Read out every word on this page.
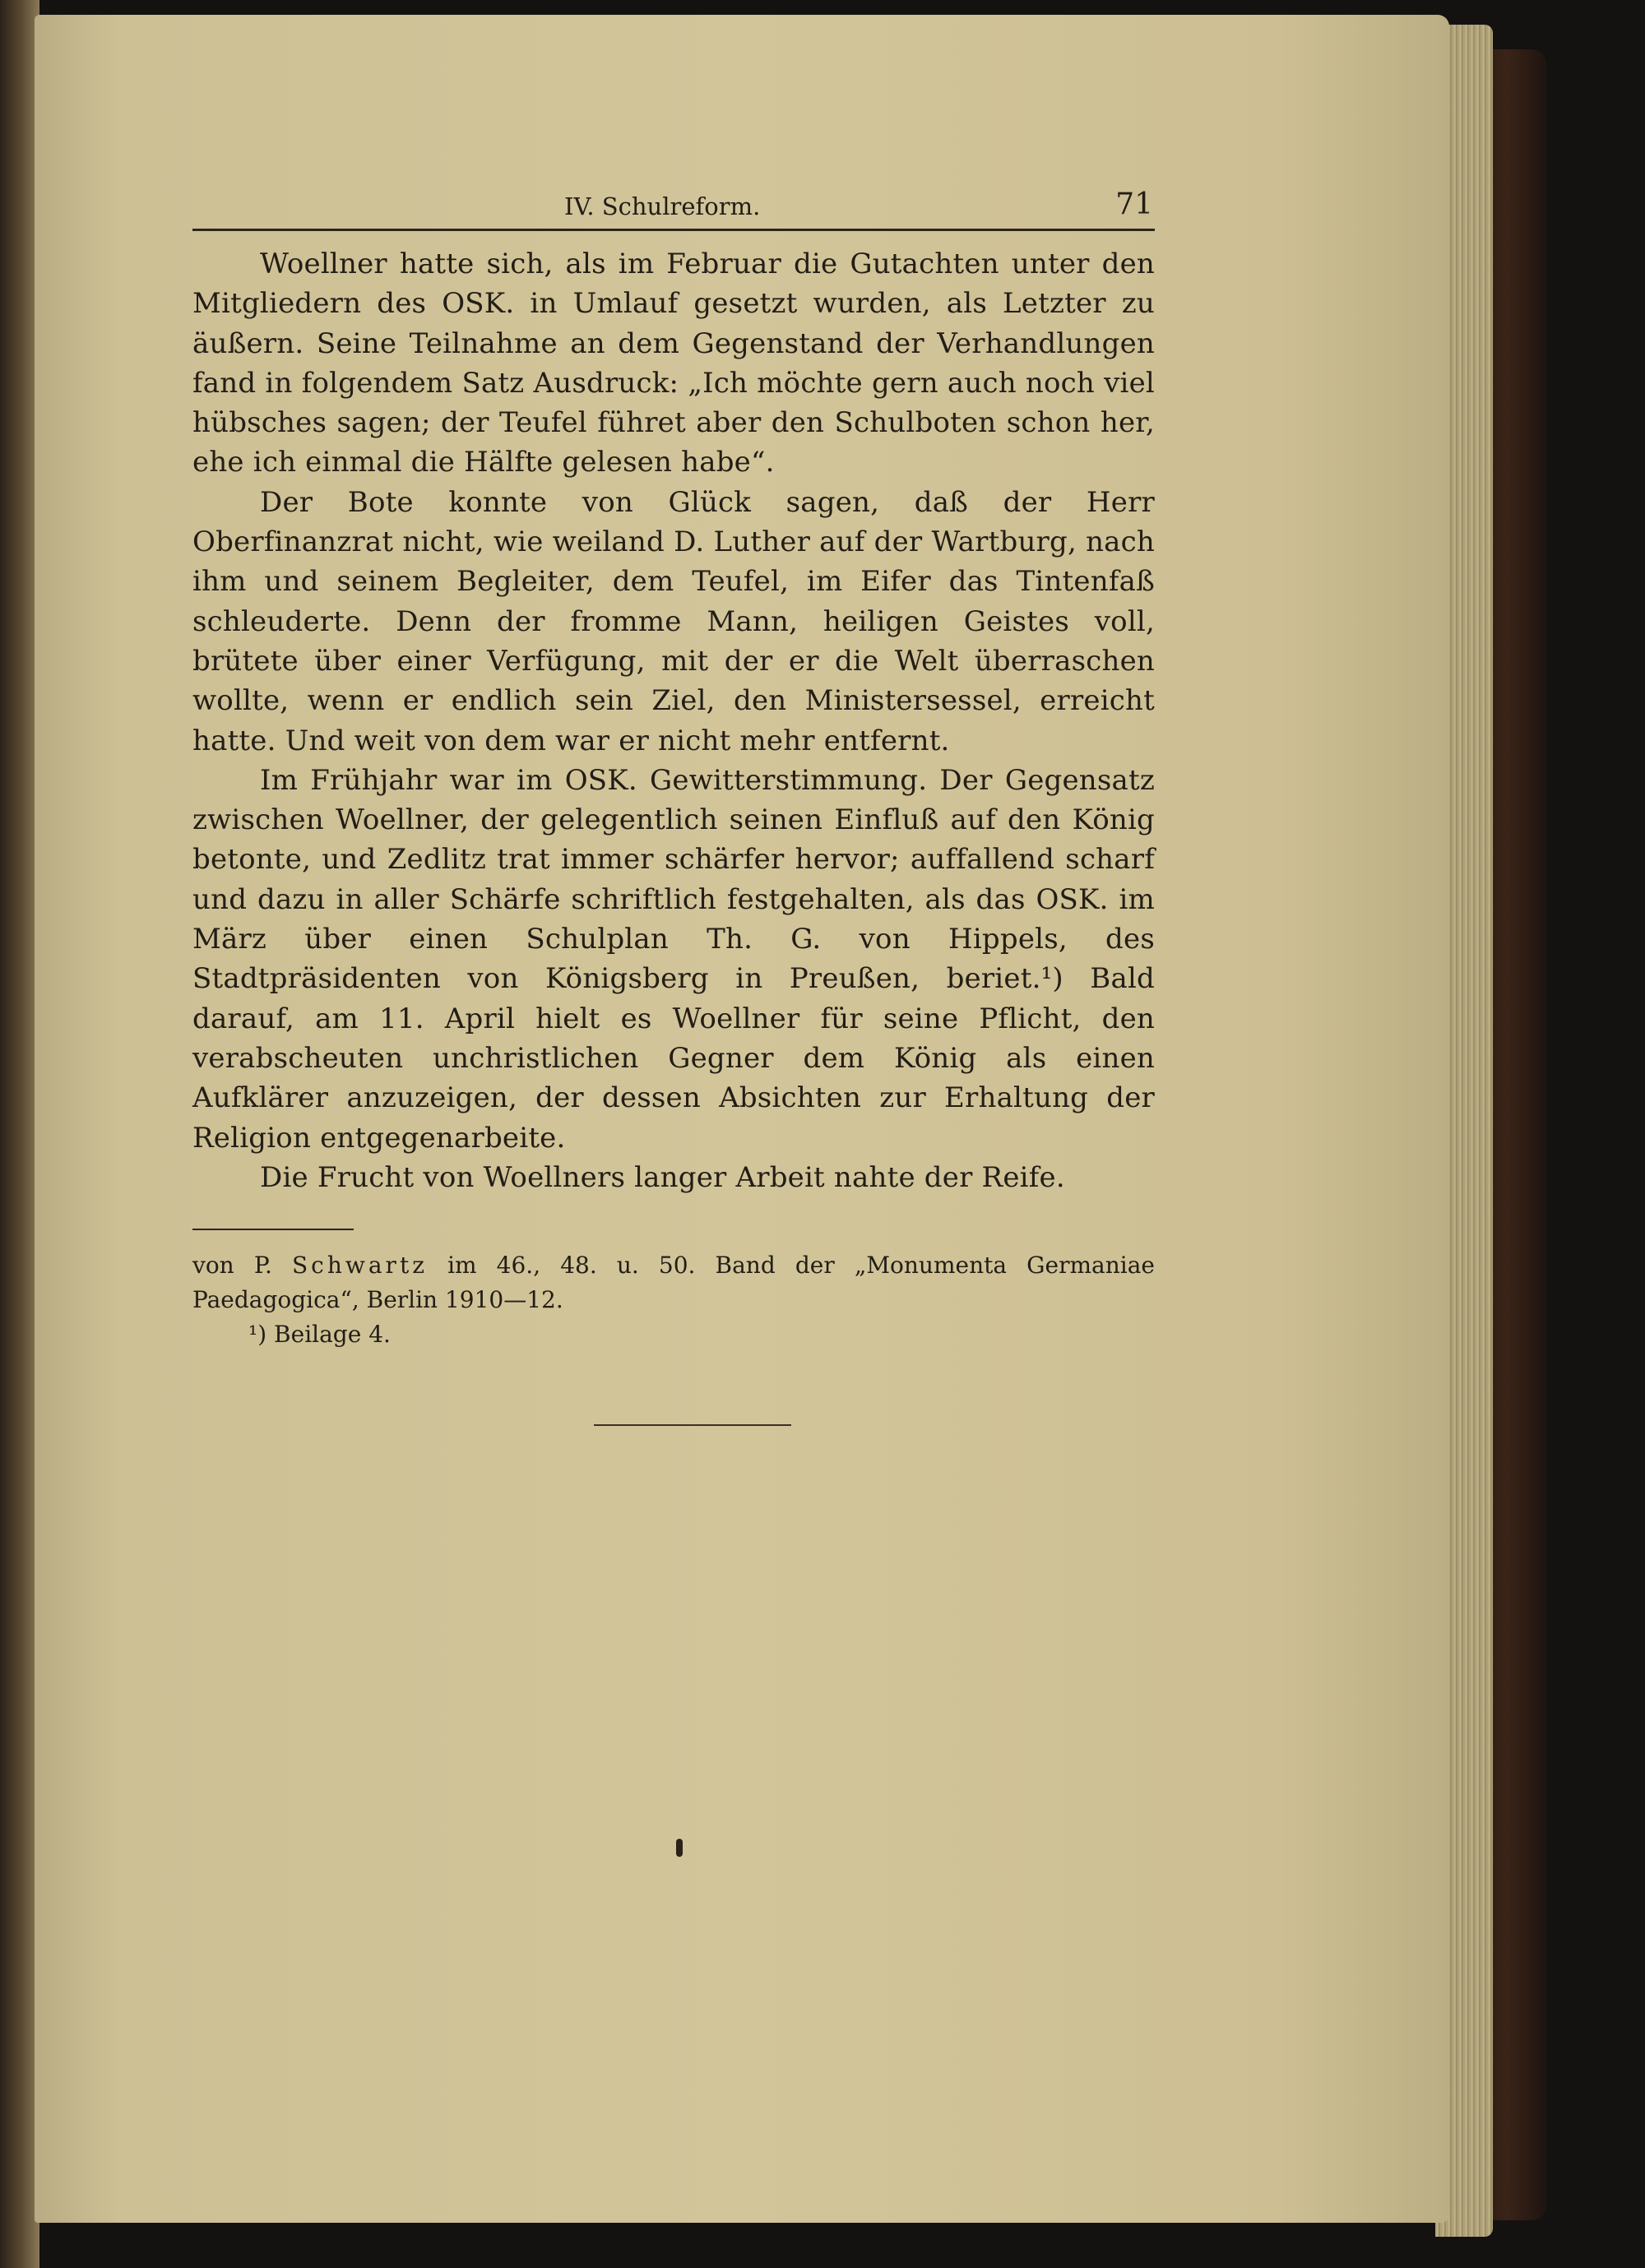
IV. Schulreform.	71

Woellner hatte sich, als im Februar die Gutachten unter den Mitgliedern des OSK. in Umlauf gesetzt wurden, als Letzter zu äußern. Seine Teilnahme an dem Gegenstand der Verhandlungen fand in folgendem Satz Ausdruck: „Ich möchte gern auch noch viel hübsches sagen; der Teufel führet aber den Schulboten schon her, ehe ich einmal die Hälfte gelesen habe“.

Der Bote konnte von Glück sagen, daß der Herr Oberfinanzrat nicht, wie weiland D. Luther auf der Wartburg, nach ihm und seinem Begleiter, dem Teufel, im Eifer das Tintenfaß schleuderte. Denn der fromme Mann, heiligen Geistes voll, brütete über einer Verfügung, mit der er die Welt überraschen wollte, wenn er endlich sein Ziel, den Ministersessel, erreicht hatte. Und weit von dem war er nicht mehr entfernt.

Im Frühjahr war im OSK. Gewitterstimmung. Der Gegensatz zwischen Woellner, der gelegentlich seinen Einfluß auf den König betonte, und Zedlitz trat immer schärfer hervor; auffallend scharf und dazu in aller Schärfe schriftlich festgehalten, als das OSK. im März über einen Schulplan Th. G. von Hippels, des Stadtpräsidenten von Königsberg in Preußen, beriet.¹) Bald darauf, am 11. April hielt es Woellner für seine Pflicht, den verabscheuten unchristlichen Gegner dem König als einen Aufklärer anzuzeigen, der dessen Absichten zur Erhaltung der Religion entgegenarbeite.

Die Frucht von Woellners langer Arbeit nahte der Reife.

von P. Schwartz im 46., 48. u. 50. Band der „Monumenta Germaniae Paedagogica“, Berlin 1910—12.

¹) Beilage 4.
